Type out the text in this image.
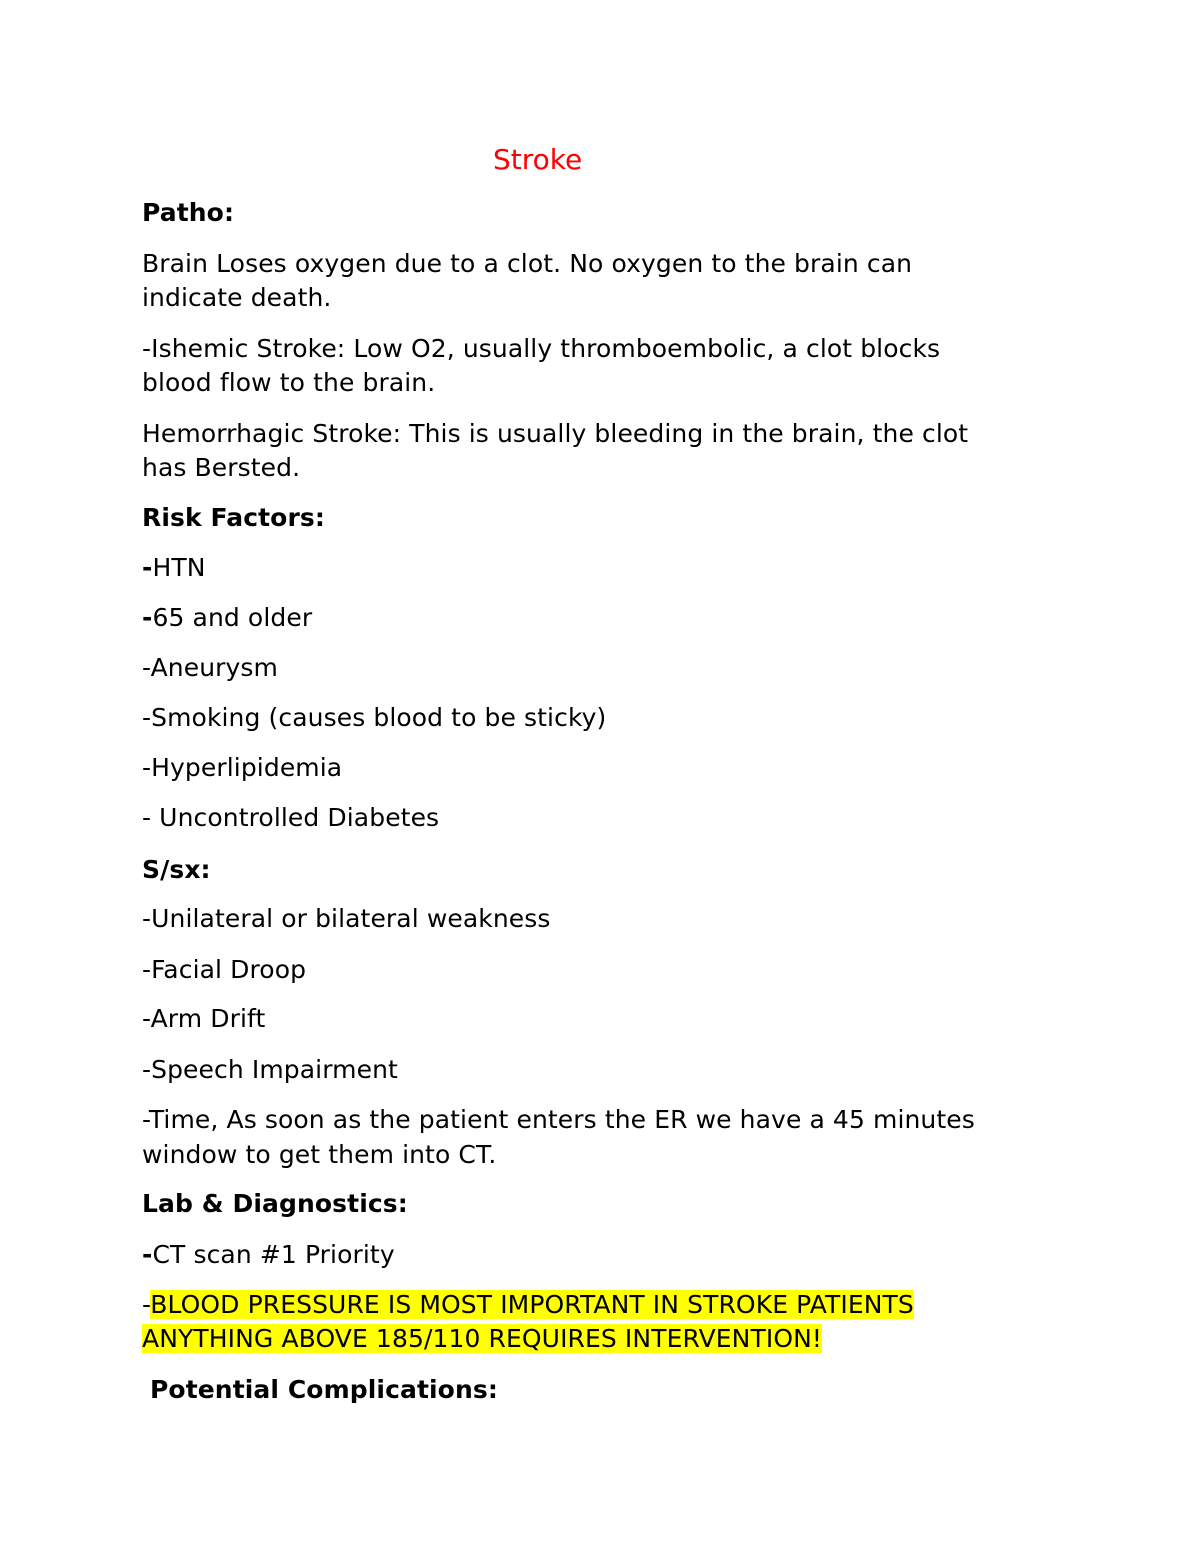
Stroke

Patho:

Brain Loses oxygen due to a clot. No oxygen to the brain can

indicate death.

-Ishemic Stroke: Low O2, usually thromboembolic, a clot blocks

blood flow to the brain.

Hemorrhagic Stroke: This is usually bleeding in the brain, the clot

has Bersted.

Risk Factors:

-HTN

-65 and older

-Aneurysm

-Smoking (causes blood to be sticky)

-Hyperlipidemia

- Uncontrolled Diabetes

S/sx:

-Unilateral or bilateral weakness

-Facial Droop

-Arm Drift

-Speech Impairment

-Time, As soon as the patient enters the ER we have a 45 minutes

window to get them into CT.

Lab & Diagnostics:

-CT scan #1 Priority

-BLOOD PRESSURE IS MOST IMPORTANT IN STROKE PATIENTS

ANYTHING ABOVE 185/110 REQUIRES INTERVENTION!

Potential Complications:
